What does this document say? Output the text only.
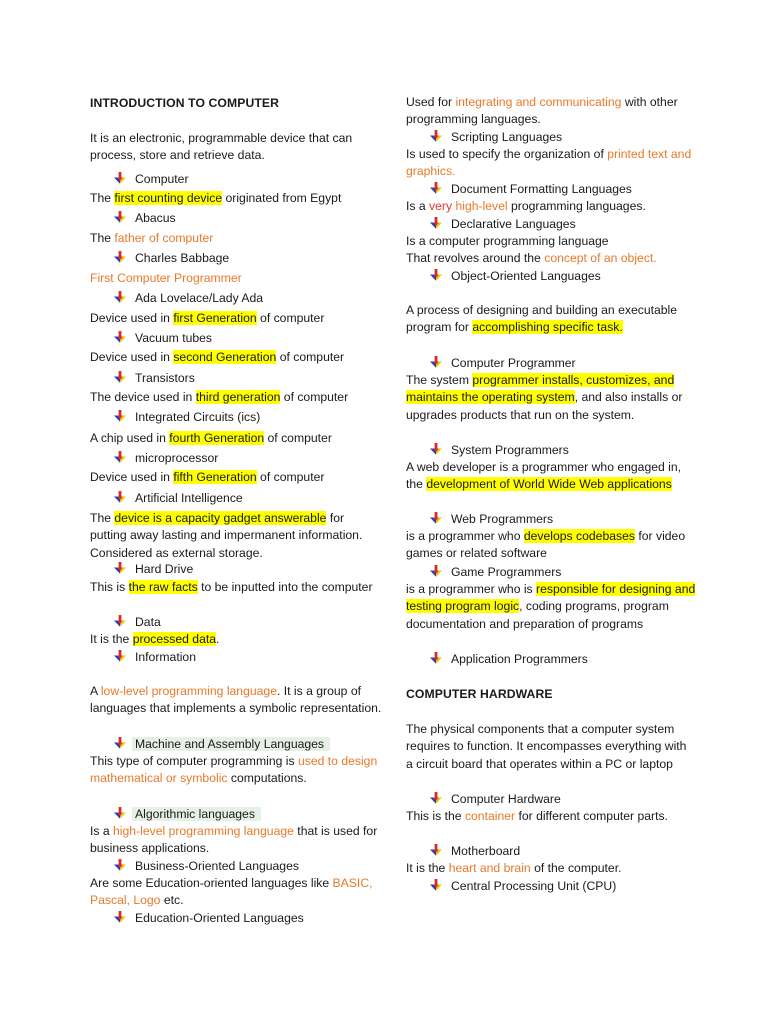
INTRODUCTION TO COMPUTER
It is an electronic, programmable device that can process, store and retrieve data.
Computer
The first counting device originated from Egypt
Abacus
The father of computer
Charles Babbage
First Computer Programmer
Ada Lovelace/Lady Ada
Device used in first Generation of computer
Vacuum tubes
Device used in second Generation of computer
Transistors
The device used in third generation of computer
Integrated Circuits (ics)
A chip used in fourth Generation of computer
microprocessor
Device used in fifth Generation of computer
Artificial Intelligence
The device is a capacity gadget answerable for putting away lasting and impermanent information. Considered as external storage.
Hard Drive
This is the raw facts to be inputted into the computer
Data
It is the processed data.
Information
A low-level programming language. It is a group of languages that implements a symbolic representation.
Machine and Assembly Languages
This type of computer programming is used to design mathematical or symbolic computations.
Algorithmic languages
Is a high-level programming language that is used for business applications.
Business-Oriented Languages
Are some Education-oriented languages like BASIC, Pascal, Logo etc.
Education-Oriented Languages
Used for integrating and communicating with other programming languages.
Scripting Languages
Is used to specify the organization of printed text and graphics.
Document Formatting Languages
Is a very high-level programming languages.
Declarative Languages
Is a computer programming language
That revolves around the concept of an object.
Object-Oriented Languages
A process of designing and building an executable program for accomplishing specific task.
Computer Programmer
The system programmer installs, customizes, and maintains the operating system, and also installs or upgrades products that run on the system.
System Programmers
A web developer is a programmer who engaged in, the development of World Wide Web applications
Web Programmers
is a programmer who develops codebases for video games or related software
Game Programmers
is a programmer who is responsible for designing and testing program logic, coding programs, program documentation and preparation of programs
Application Programmers
COMPUTER HARDWARE
The physical components that a computer system requires to function. It encompasses everything with a circuit board that operates within a PC or laptop
Computer Hardware
This is the container for different computer parts.
Motherboard
It is the heart and brain of the computer.
Central Processing Unit (CPU)
